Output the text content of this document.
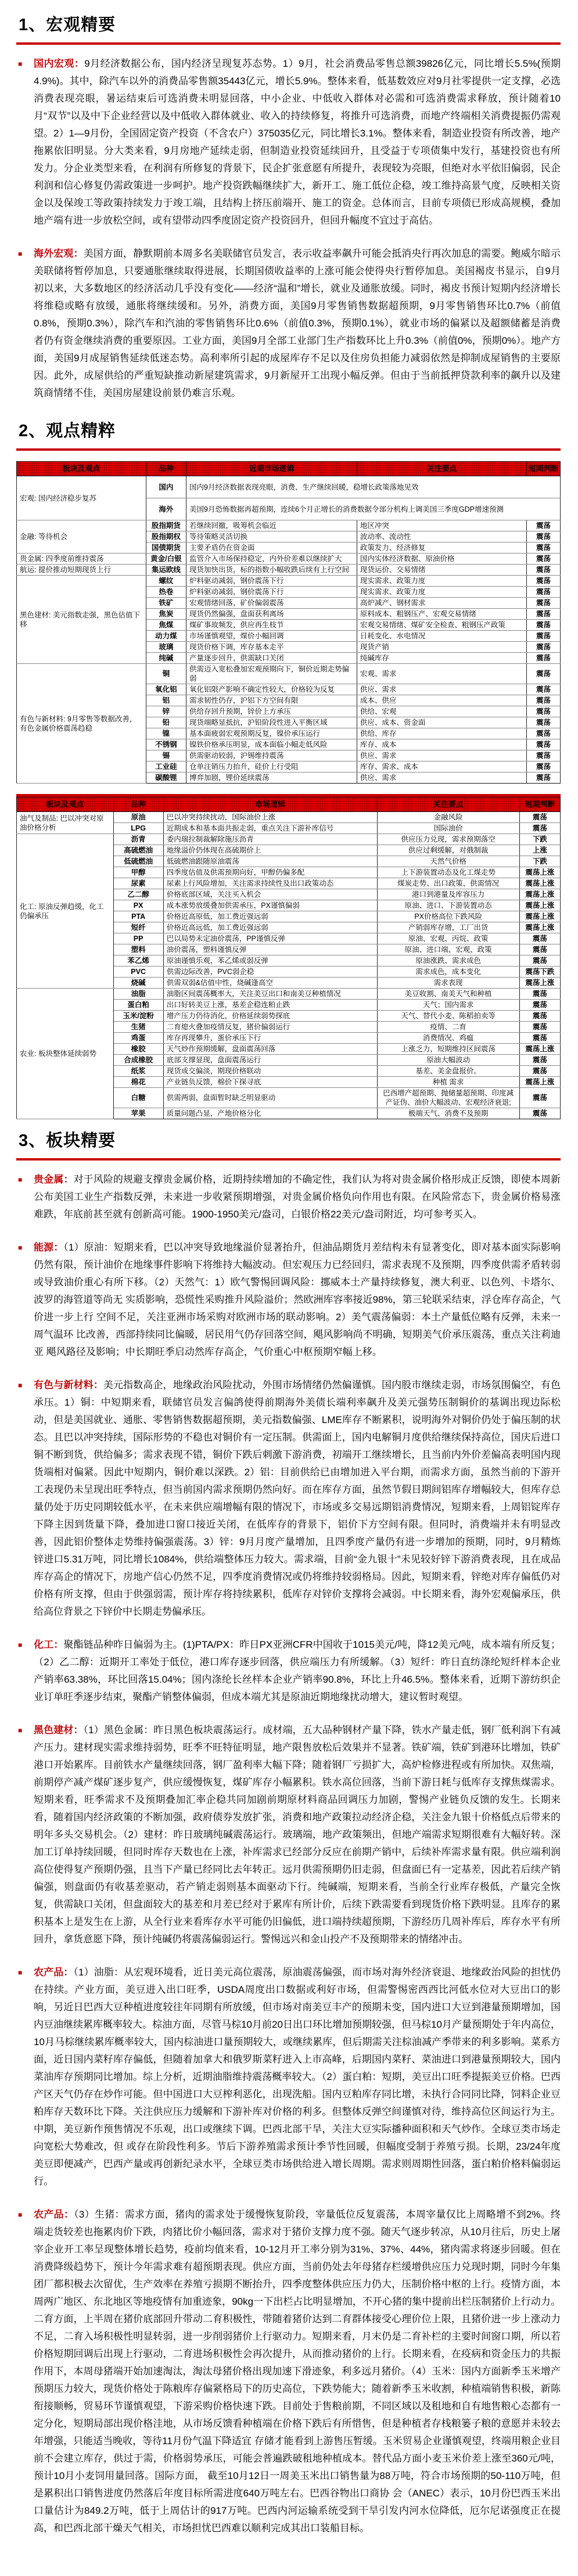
1、宏观精要
■ 国内宏观：9月经济数据公布，国内经济呈现复苏态势。1）9月，社会消费品零售总额39826亿元，同比增长5.5%(预期4.9%)。其中，除汽车以外的消费品零售额35443亿元，增长5.9%。整体来看，低基数效应对9月社零提供一定支撑，必选消费表现亮眼，暑运结束后可选消费未明显回落，中小企业、中低收入群体对必需和可选消费需求释放，预计随着10月“双节”以及中下企业经营以及中低收入群体就业、收入的持续修复，将推升可选消费，而地产终端相关消费提振仍需观望。2）1—9月份，全国固定资产投资（不含农户）375035亿元，同比增长3.1%。整体来看，制造业投资有所改善，地产拖累依旧明显。分大类来看，9月房地产延续走弱，但制造业投资延续回升，且受益于专项债集中发行，基建投资也有所发力。分企业类型来看，在利润有所修复的背景下，民企扩张意愿有所提升，表现较为亮眼，但绝对水平依旧偏弱，民企利润和信心修复仍需政策进一步呵护。地产投资跌幅继续扩大，新开工、施工低位企稳，竣工维持高景气度，反映相关资金以及保竣工等政策持续发力于竣工端，且结构上挤压前端开、施工的资金。总体而言，目前专项债已形成高规模，叠加地产端有进一步放松空间，或有望带动四季度固定资产投资回升，但回升幅度不宜过于高估。
■ 海外宏观：美国方面，静默期前本周多名美联储官员发言，表示收益率飙升可能会抵消央行再次加息的需要。鲍威尔暗示美联储将暂停加息，只要通胀继续取得进展，长期国债收益率的上涨可能会使得央行暂停加息。美国褐皮书显示，自9月初以来，大多数地区的经济活动几乎没有变化——经济“温和”增长，就业及通胀放缓。同时，褐皮书预计短期内经济增长将维稳或略有放缓，通胀将继续缓和。另外，消费方面，美国9月零售销售数据超预期，9月零售销售环比0.7%（前值0.8%，预期0.3%），除汽车和汽油的零售销售环比0.6%（前值0.3%，预期0.1%），就业市场的偏紧以及超额储蓄是消费者仍有资金继续消费的重要原因。工业方面，美国9月全部工业部门生产指数环比上升0.3%（前值0%，预期0%）。地产方面，美国9月成屋销售延续低迷态势。高利率所引起的成屋库存不足以及住房负担能力减弱依然是抑制成屋销售的主要原因。此外，成屋供给的严重短缺推动新屋建筑需求，9月新屋开工出现小幅反弹。但由于当前抵押贷款利率的飙升以及建筑商情绪不佳，美国房屋建设前景仍难言乐观。
2、观点精粹
板块及观点	品种	近期市场逻辑	关注要点	短期判断
宏观: 国内经济稳步复苏	国内	国内9月经济数据表现亮眼，消费、生产继续回暖，稳增长政策落地见效		
	海外	美国9月恐怖数据再超预期，连续6个月正增长的消费数据令部分机构上调美国三季度GDP增速预测		
金融: 等待机会	股指期货	若继续回撤，吸筹机会临近	地区冲突	震荡
	股指期权	等待策略灵活切换	波动率、流动性	震荡
	国债期货	主要矛盾仍在资金面	政策发力、经济修复	震荡
贵金属: 四季度前维持震荡	黄金/白银	监管介入市场保持稳定，内外价差难以继续扩大	国内实体经济数据、原油价格	震荡
航运: 提价推动短期现货上行	集运欧线	现货加快出货，标的指数小幅收跌后续有上行空间	现货运价、交易情绪	震荡
黑色建材: 美元指数走强，黑色估值下移	螺纹	炉料驱动减弱，钢价震荡下行	现实需求、政策力度	震荡
	热卷	炉料驱动减弱，钢价震荡下行	现实需求、政策力度	震荡
	铁矿	宏观情绪回落，矿价偏弱震荡	高炉减产、钢材需求	震荡
	焦炭	现货仍然偏强，盘面获利离场	原料成本、粗钢压产、宏观交易情绪	震荡
	焦煤	煤矿事故频发，供应再生枝节	宏观交易情绪、煤矿安全检查、粗钢压产政策	震荡
	动力煤	市场谨慎观望，煤价小幅回调	日耗变化、水电情况	震荡
	玻璃	现货价格下调，库存基本走平	现货产销	震荡
	纯碱	产量逐步回升，供需缺口关闭	纯碱库存	震荡
有色与新材料: 9月零售等数据改善，有色金属价格震荡趋稳	铜	供需迈入宽松叠加宏观预期向下，铜价近期走势偏弱	宏观、需求	震荡
	氧化铝	氧化铝限产影响不确定性较大，价格较为反复	供应、需求	震荡
	铝	需求韧性仍存，沪铝下方空间有限	成本、供应	震荡
	锌	供给存回升预期，锌价上方承压	供给、宏观	震荡
	铅	现货端略显抵抗，沪铅阶段性进入平衡区域	供应、成本、资金面	震荡
	镍	基本面疲弱宏观预期反复，镍价承压运行	供给、库存	震荡
	不锈钢	镍铁价格承压明显，成本面临小幅走低风险	库存、成本	震荡
	锡	供需驱动较弱，沪锡维持震荡	供应、需求	震荡
	工业硅	仓单注销压力抬升，硅价上行受阻	库存、需求、成本	震荡
	碳酸锂	博弈加剧，锂价延续震荡	供应、需求	震荡
板块及观点	品种	市场逻辑	关注要点	短期判断
油气及制品: 巴以冲突对原油价格分析	原油	巴以冲突持续扰动，国际油价上涨	金融风险	震荡
	LPG	近期成本和基本面共振走弱，重点关注下游补库信号	国际油价	震荡
化工: 原油反弹趋缓，化工仍偏承压	沥青	委内瑞拉制裁解除施压沥青	供应压力兑现，需求预期落空	下跌
	高硫燃油	地缘溢价仍体现在高硫期价上	供应过剩缓解，对俄制裁	上涨
	低硫燃油	低硫燃油跟随原油震荡	天然气价格	下跌
	甲醇	四季度估值及供需预期向好，甲醇仍偏多配	上下游装置动态及化工煤走势	震荡上涨
	尿素	尿素上行风险增加，关注需求持续性及出口政策动态	煤炭走势、出口政策、供需情况	震荡上涨
	乙二醇	价格底部区域，关注买入机会	港口到港量及库容压力	震荡上涨
	PX	成本涨势放缓叠加供需承压，PX谨慎偏弱	原油、进口、下游装置动态	震荡上涨
	PTA	价格近高原低，加工费近强远弱	PX价格高位下跌风险	震荡上涨
	短纤	价格近高远低，加工费近强远弱	产销弱库存增，工厂出货	震荡上涨
	PP	巴以局势未定油价震荡，PP谨慎反弹	原油、宏观、丙烷、政策	震荡
	塑料	油价震荡，塑料谨慎反弹	原油、进口端、宏观、政策	震荡
	苯乙烯	原油谨慎乐观，苯乙烯或弱反弹	原油涨跌、需求成色	震荡
	PVC	供需边际改善，PVC弱企稳	需求成色，成本变化	震荡下跌
	烧碱	供需双弱&估值中性，烧碱逢高空	需求表现	震荡上涨
农业: 板块整体延续弱势	油脂	油脂区间震荡概率大，关注美豆出口和南美豆种植情况	美豆收割、南美天气和种植	震荡
	蛋白粕	出口好转美豆上涨，基差企稳连粕止跌	天气；国内需求	震荡
	玉米/淀粉	增产压力仍待消化，价格延续弱势探底	天气、替代小麦、陈稻拍卖等	震荡
	生猪	二育熄火叠加疫情反复，猪价偏弱运行	疫情、二育	震荡
	鸡蛋	库存再现攀升，蛋价承压下行	消费情况、鸡瘟	震荡
	橡胶	天气炒作预期缓解，盘面震荡回落	上涨乏力，短期维持区间震荡	震荡上涨
	合成橡胶	底部支撑显现，盘面震荡运行	原油大幅波动	震荡
	纸浆	现货成交偏淡，期现价格联动	基差、美金盘报价。	震荡
	棉花	产业链负反馈，棉价下探寻底	种植 需求	震荡上涨
	白糖	供需两弱，盘面暂时缺乏明显驱动	巴西增产超预期、抛储量超预期、印度减产证伪、油价大幅波动、宏观经济衰退;	震荡
	苹果	质量问题凸显，产地价格分化	极端天气、消费不及预期	震荡
3、板块精要
■ 贵金属：对于风险的规避支撑贵金属价格，近期持续增加的不确定性，我们认为将对贵金属价格形成正反馈，即使本周新公布美国工业生产指数反弹，未来进一步收紧预期增强，对贵金属价格负向作用也有限。在风险常态下，贵金属价格易涨难跌，年底前甚至就有创新高可能。1900-1950美元/盎司，白银价格22美元/盎司附近，均可参考买入。
■ 能源：（1）原油：短期来看，巴以冲突导致地缘溢价显著抬升，但油品期货月差结构未有显著变化，即对基本面实际影响仍然有限，预计油价在地缘事件影响下将维持大幅波动。但宏观压力已经回归，需求表现不及预期，四季度供需矛盾转弱或导致油价重心有所下移。（2）天然气：1）欧气警惕回调风险：挪威本土产量持续修复，澳大利亚、以色列、卡塔尔、波罗的海管道等尚无 实质影响，恐慌性采购推升风险溢价；然欧洲库容率接近98%，第三轮联采结束，浮仓库存高企，气价进一步上行 空间不足，关注亚洲市场采购对欧洲市场的联动影响。2）美气震荡偏弱：本土产量低位略有反弹，未来一周气温环 比改善，西部持续同比偏暖，居民用气仍存回落空间，飓风影响尚不明确，短期美气价承压震荡，重点关注莉迪亚 飓风路径及影响；中长期旺季启动然库存高企，气价重心中枢预期窄幅上移。
■ 有色与新材料：美元指数高企，地缘政治风险扰动，外围市场情绪仍然偏谨慎。国内股市继续走弱，市场氛围偏空，有色承压。1）铜：中短期来看，联储官员发言偏鸽使得前期海外美债长端利率飙升及美元强势压制铜价的基调出现边际松动，但是美国就业、通胀、零售销售数据超预期，美元指数偏强、LME库存不断累积，说明海外对铜价仍处于偏压制的状态。且巴以冲突持续，国际形势的不稳也对铜价有一定压制。供需面上，国内电解铜月度供给继续保持高位，国庆后进口铜不断到货，供给偏多；需求表现不错，铜价下跌后刺激下游消费，初端开工继续增长，且当前内外价差偏高表明国内现货端相对偏紧。因此中短期内，铜价难以深跌。2）铝：目前供给已由增加进入平台期，而需求方面，虽然当前的下游开工表现仍未呈现出旺季特点，但当前国内需求预期仍然向好。而在库存方面，虽然节假日期间铝库存增幅较大，但库存总量仍处于历史同期较低水平，在未来供应端增幅有限的情况下，市场或多交易远期铝消费情况，短期来看，上周铝锭库存下降主因到货量下降，叠加进口窗口接近关闭，在低库存的背景下，铝价下方空间有限。但同时，消费端并未有明显改善，因此铝价整体走势维持偏强震荡。3）锌：9月月度产量增加，且四季度产量仍有进一步增加的预期，同时，9月精炼锌进口5.31万吨，同比增长1084%，供给端整体压力较大。需求端，目前“金九银十”未见较好锌下游消费表现，且在成品库存高企的情况下，房地产信心仍然不足，四季度消费情况或仍将维持较弱格局。因此，短期来看，锌绝对库存偏低仍对价格有所支撑，但由于供强弱需，预计库存将持续累积，低库存对锌价支撑将会减弱。中长期来看，海外宏观偏承压，供给高位背景之下锌价中长期走势偏承压。
■ 化工：聚酯链品种昨日偏弱为主。(1)PTA/PX：昨日PX亚洲CFR中国收于1015美元/吨，降12美元/吨，成本端有所反复；（2）乙二醇：近期开工率处于低位，港口库存逐步回落，供应端压力有所缓解。（3）短纤：昨日直纺涤纶短纤样本企业产销率63.38%，环比回落15.04%；国内涤纶长丝样本企业产销率90.8%，环比上升46.5%。整体来看，近期下游纺织企业订单旺季逐步结束，聚酯产销整体偏弱，但成本端尤其是原油近期地缘扰动增大，建议暂时观望。
■ 黑色建材：（1）黑色金属：昨日黑色板块震荡运行。成材端，五大品种钢材产量下降，铁水产量走低，钢厂低利润下有减产压力。建材现实需求维持弱势，旺季不旺特征明显，地产限售放松后效果并不显著。铁矿端，铁矿到港环比增加，铁矿港口开始累库。目前铁水产量继续回落，钢厂盈利率大幅下降；随着钢厂亏损扩大，高炉检修进程或有所加快。双焦端，前期停产减产煤矿逐步复产，供应缓慢恢复，煤矿库存小幅累积。铁水高位回落，当前下游日耗与低库存支撑焦煤需求。短期来看，旺季需求不及预期叠加汇率企稳共同加剧前期原材料商品回调压力加剧，警惕产业链负反馈的发生。长期来看，随着国内经济政策的不断加强，政府债券发放扩张，消费和地产政策拉动经济企稳，关注金九银十价格低点后带来的明年多头交易机会。（2）建材：昨日玻璃纯碱震荡运行。玻璃端，地产政策频出，但地产端需求短期很难有大幅好转。深加工订单持续回暖，但同时库存天数也在上涨，补库需求已经部分反应在前期产销中，后续补库需求量有限。供应端利润高位使得复产预期仍强，且当下产量已经同比去年转正。远月供需预期仍旧走弱，但盘面已有一定基差，因此若后续产销偏强，则盘面仍有收基差驱动，若产销走弱则基本面驱动下行。纯碱端，短期来看，当前全行业库存极低，产量完全恢复，供需缺口关闭，但盘面较大的基差和月差已经对于累库有所计价，后续下跌需要看到现货价格下跌明显。且库存的累积基本上是发生在上游，从全行业来看库存水平可能仍旧偏低，进口端持续超预期，下游经历几周补库后，库存水平有所回升，拿货意愿下降，预计纯碱仍将震荡偏弱运行。警惕远兴和金山投产不及预期带来的情绪冲击。
■ 农产品：（1）油脂：从宏观环境看，近日美元高位震荡，原油震荡偏强，而市场对海外经济衰退、地缘政治风险的担忧仍在持续。产业方面，美豆进入出口旺季，USDA周度出口数据或利好市场，但需警惕密西西比河低水位对大豆出口的影响，另近日巴西大豆种植进度较往年同期有所放缓，但市场对南美豆丰产的预期未变，国内进口大豆到港量预期增加，国内豆油继续累库概率较大。棕油方面，尽管马棕10月前20日出口环比增加预期较强，但马棕10月产量预期处于年内高位，10月马棕继续累库概率较大，国内棕油进口量预期较大，或继续累库，但后期需关注棕油减产季带来的利多影响。菜系方面，近日国内菜籽库存偏低，但随着加拿大和俄罗斯菜籽进入上市高峰，后期国内菜籽、菜油进口到港量预期较大，国内菜油库存预期同比增加。综上分析，近期油脂维持震荡概率较大。（2）蛋白粕：短期，美豆出口旺季提振美豆价格。巴西产区天气仍存在炒作可能。但中国进口大豆榨利恶化，出现洗船。国内豆粕库存同比增，未执行合同同比降，饲料企业豆粕库存天数环比下降。关注供应压力缓解和下游补库对价格的利多。但整体反弹空间谨慎对待，维持高位区间运行为主。中期，美豆新作预售情况不乐观，出口或继续下调。巴西北部干旱，关注大豆实际播种面积和天气炒作。全球豆类市场走向宽松大势难改，但 或存在阶段性利多。节后下游养殖需求预计季节性回暖，但幅度受制于养殖亏损。长期，23/24年度美豆即便减产，巴西产量或再创新纪录水平，全球豆类市场供给进入增长周期。需求则周期性回落，蛋白粕价格料偏弱运行。
■ 农产品：（3）生猪：需求方面，猪肉的需求处于缓慢恢复阶段，宰量低位反复震荡，本周宰量仅比上周略增不到2%。终端走货较差也拖累肉价下跌，肉猪比价小幅回落，需求对于猪价支撑力度不强。随天气逐步转凉，从10月往后，历史上屠宰企业开工率呈现整体增长趋势，疫前均值来看，10-12月开工率分别为31%、37%、44%，猪肉需求将逐步回暖。但在消费降级趋势下，预计今年需求难有超预期表现。供应方面，当前仍处去年母猪存栏缓增供应压力兑现时期，同时今年集团厂都积极去次留优，生产效率在养殖亏损期不断抬升，四季度整体供应压力仍大，压制价格中枢的上行。疫情方面，本周两广地区、东北地区等地疫情有加重迹象，90kg一下出栏占比明显增加，不开心猪的集中提前出栏压制猪价上行动力。二育方面，上半周在猪价底部回升带动二育积极性，带随着猪价达到二育群体接受心理价位上限，且猪价进一步上涨动力不足，二育入场积极性明显转弱，进一步削弱猪价上行驱动力。短期来看，月末仍是二育补栏的主要时间窗口期，所以若价格短期回调后出现上行驱动，二育进场积极性会再次提升，从而推动猪价的上行。长期来看，在疫病和资金压力的共振作用下，本周母猪端开始加速淘汰，淘汰母猪价格出现加速下滑迹象，利多远月猪价。（4）玉米：国内方面新季玉米增产预期压力较大，现货价格处于陈粮库存偏紧格局下的历史高位，下跌势能大；随着新季玉米收割，种植端销售积极，新陈衔接顺畅，贸易环节谨慎观望，下游采购价格快速下跌。目前处于售粮前期，不同区域以及租地和自有地售粮心态都有一定分化，短期局部出现价格洼地，从市场反馈看种植端在价格下跌后有所惜售，但是种植者存栈粮篓子粮的意愿并未较去年增强，只能适当晚收，等待11月份气温下降适宜 存储才能看到上游售压暂缓。玉米贸易企业谨慎观望，终端用粮企业目前不会建立库存，供过于需，价格弱势承压，可能会普遍跌破租地种植成本。替代品方面小麦玉米价差上涨至360元/吨，预计10月小麦饲用量回落。国际方面， 截至10月12日一周美玉米出口销售量为88万吨，符合市场预期的50-110万吨，但是累积出口销售进度仍然落后年度目标所需进度640万吨左右。巴西谷物出口商协 会（ANEC）表示，10月份巴西玉米出口量估计为849.2万吨，低于上周估计的917万吨。巴西内河运输系统受到干旱引发内河水位降低，厄尔尼诺强度正在提高，和巴西北部干燥天气相关，市场担忧巴西难以顺利完成其出口装船目标。
